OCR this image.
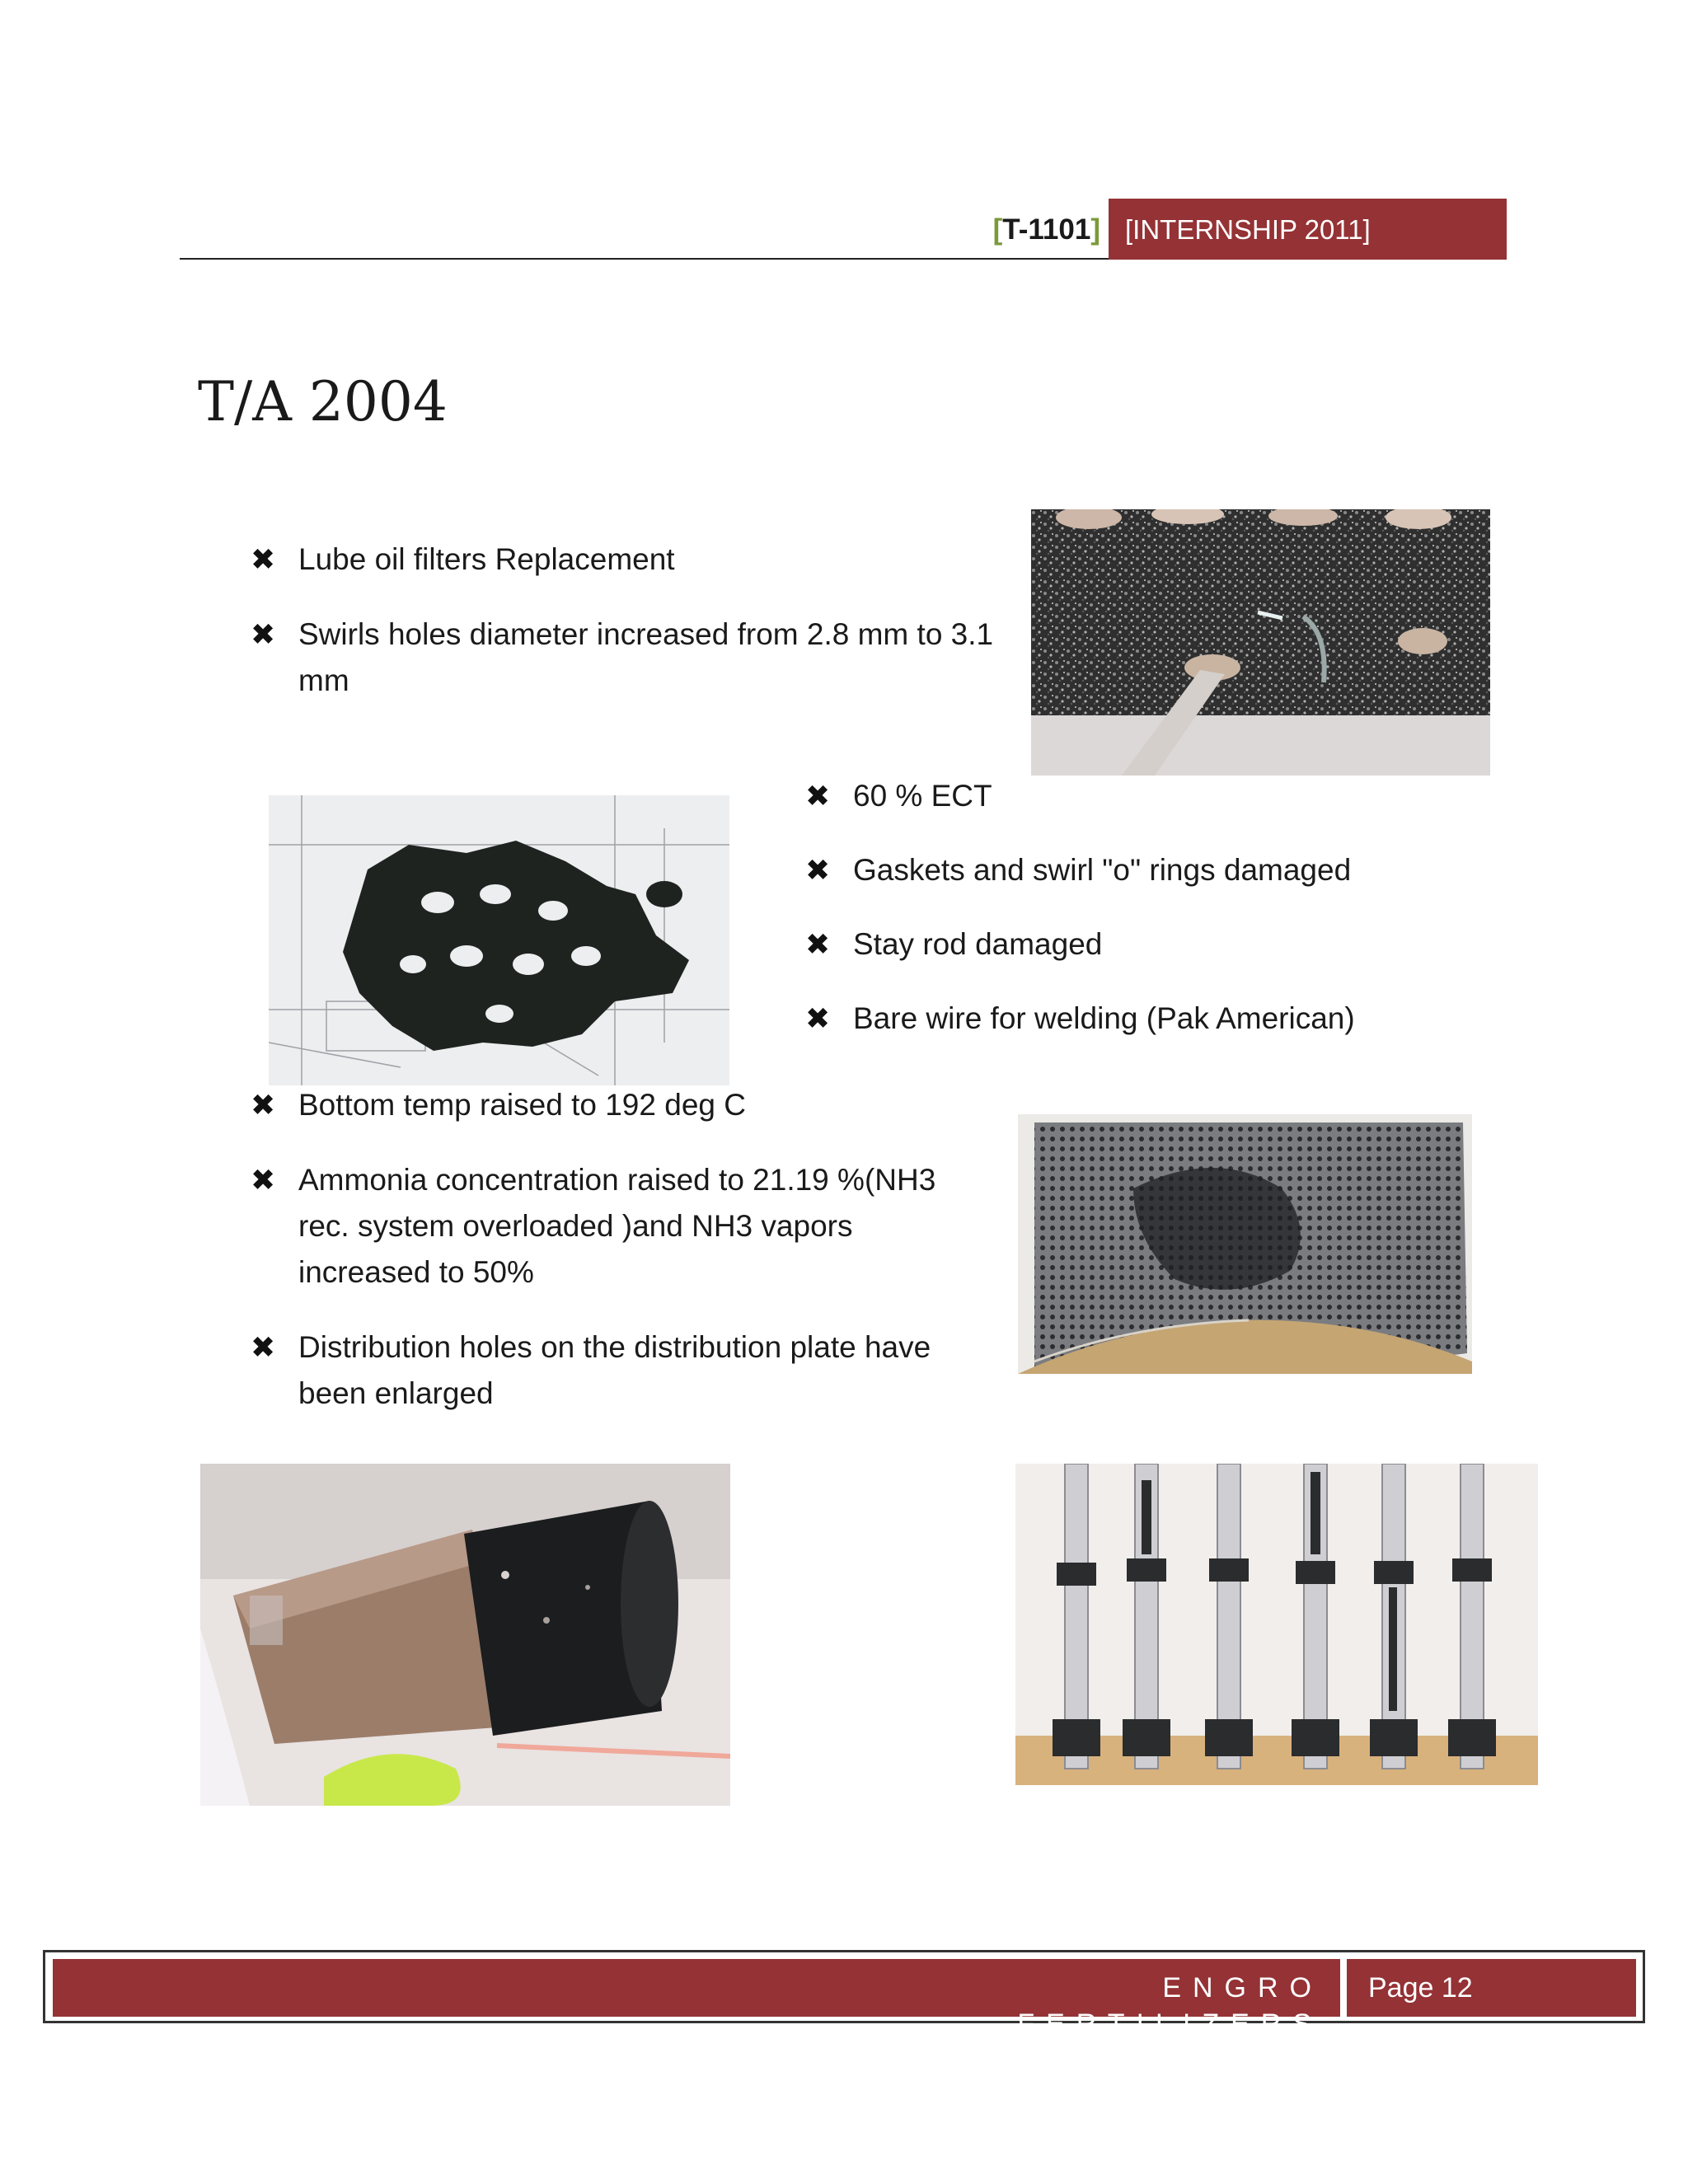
[T-1101] [INTERNSHIP 2011]
T/A 2004
✖ Lube oil filters Replacement
✖ Swirls holes diameter increased from 2.8 mm to 3.1 mm
✖ 60 % ECT
✖ Gaskets and swirl "o" rings damaged
✖ Stay rod damaged
✖ Bare wire for welding (Pak American)
✖ Bottom temp raised to 192 deg C
✖ Ammonia concentration raised to 21.19 %(NH3 rec. system overloaded )and NH3 vapors increased to 50%
✖ Distribution holes on the distribution plate have been enlarged
ENGRO FERTILIZERS
Page 12
